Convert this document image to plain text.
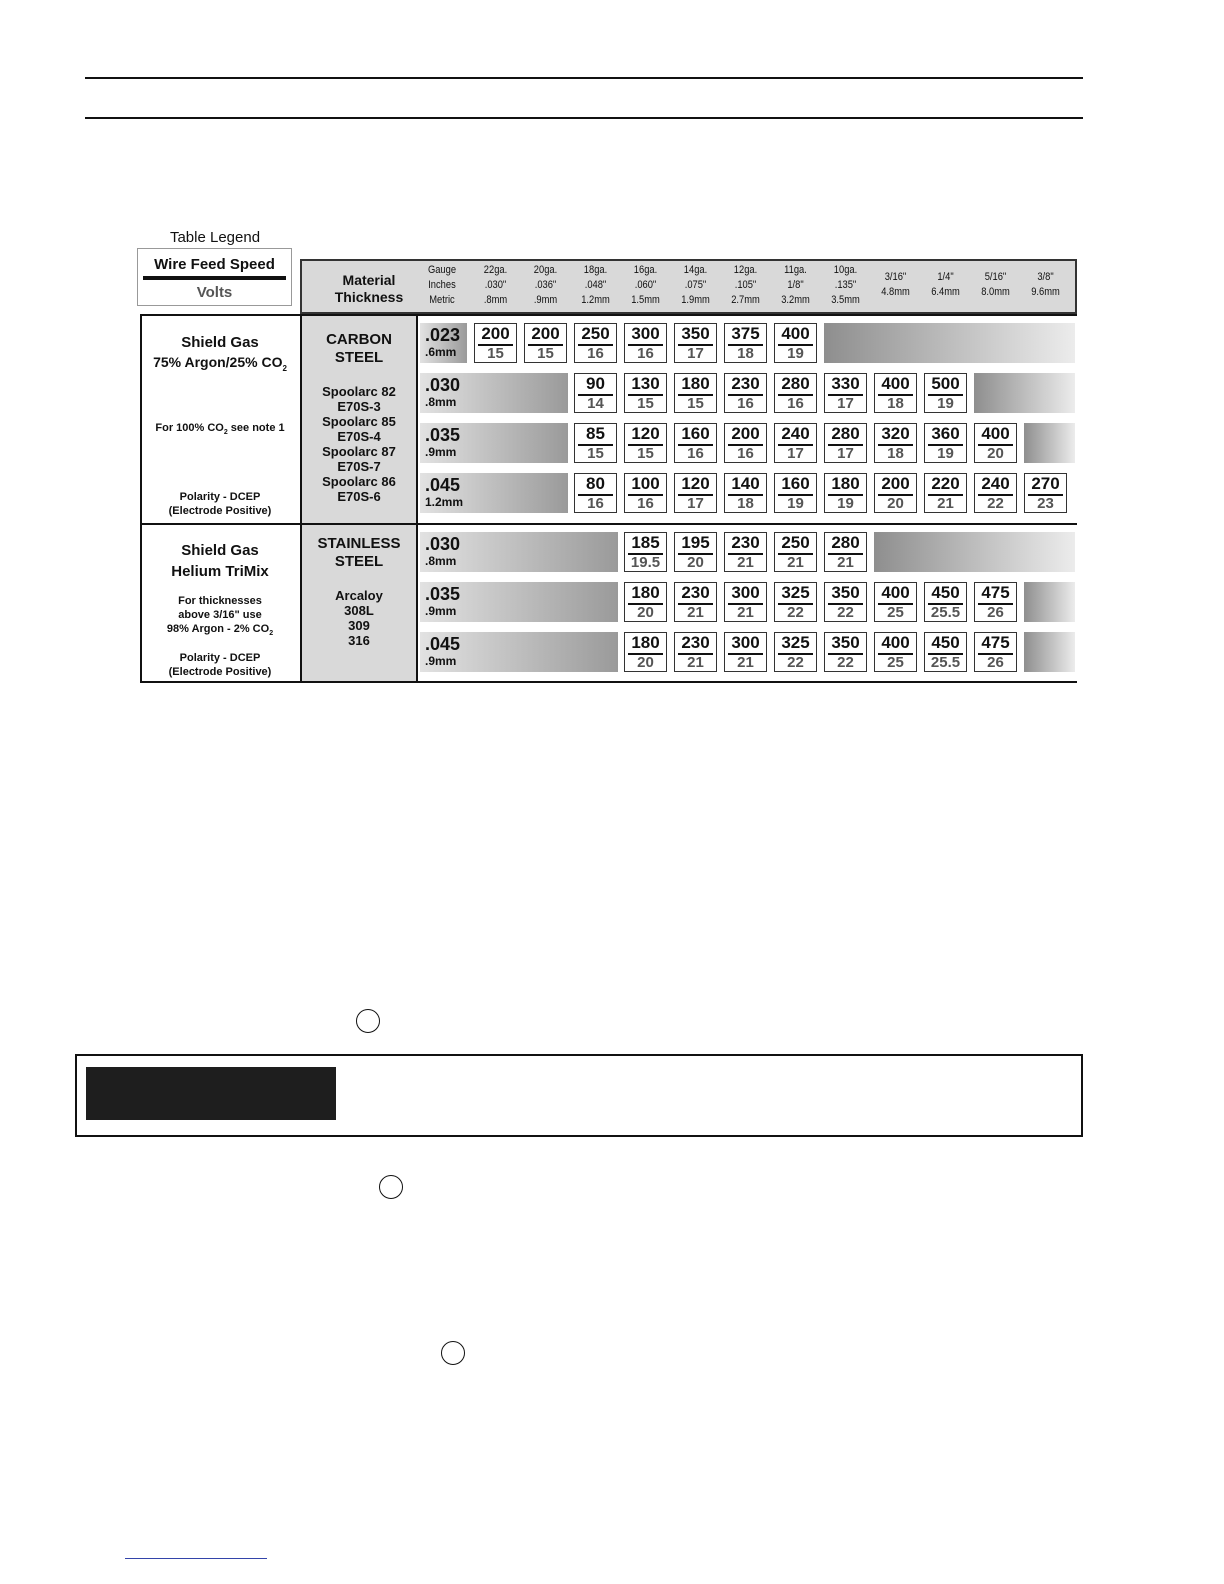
Table Legend
Wire Feed Speed
Volts
Material
Thickness
Gauge
Inches
Metric
22ga.
.030"
.8mm
20ga.
.036"
.9mm
18ga.
.048"
1.2mm
16ga.
.060"
1.5mm
14ga.
.075"
1.9mm
12ga.
.105"
2.7mm
11ga.
1/8"
3.2mm
10ga.
.135"
3.5mm
3/16"
4.8mm
1/4"
6.4mm
5/16"
8.0mm
3/8"
9.6mm
Shield Gas
75% Argon/25% $CO_2$
For 100% $CO_2$ see note 1
Polarity - DCEP
(Electrode Positive)
CARBON
STEEL
Spoolarc 82
E70S-3
Spoolarc 85
E70S-4
Spoolarc 87
E70S-7
Spoolarc 86
E70S-6
Shield Gas
Helium TriMix
For thicknesses
above 3/16" use
98% Argon - 2% $CO_2$
Polarity - DCEP
(Electrode Positive)
STAINLESS
STEEL
Arcaloy
308L
309
316
.023
.6mm
200
15
200
15
250
16
300
16
350
17
375
18
400
19
.030
.8mm
90
14
130
15
180
15
230
16
280
16
330
17
400
18
500
19
.035
.9mm
85
15
120
15
160
16
200
16
240
17
280
17
320
18
360
19
400
20
.045
1.2mm
80
16
100
16
120
17
140
18
160
19
180
19
200
20
220
21
240
22
270
23
.030
.8mm
185
19.5
195
20
230
21
250
21
280
21
.035
.9mm
180
20
230
21
300
21
325
22
350
22
400
25
450
25.5
475
26
.045
.9mm
180
20
230
21
300
21
325
22
350
22
400
25
450
25.5
475
26
